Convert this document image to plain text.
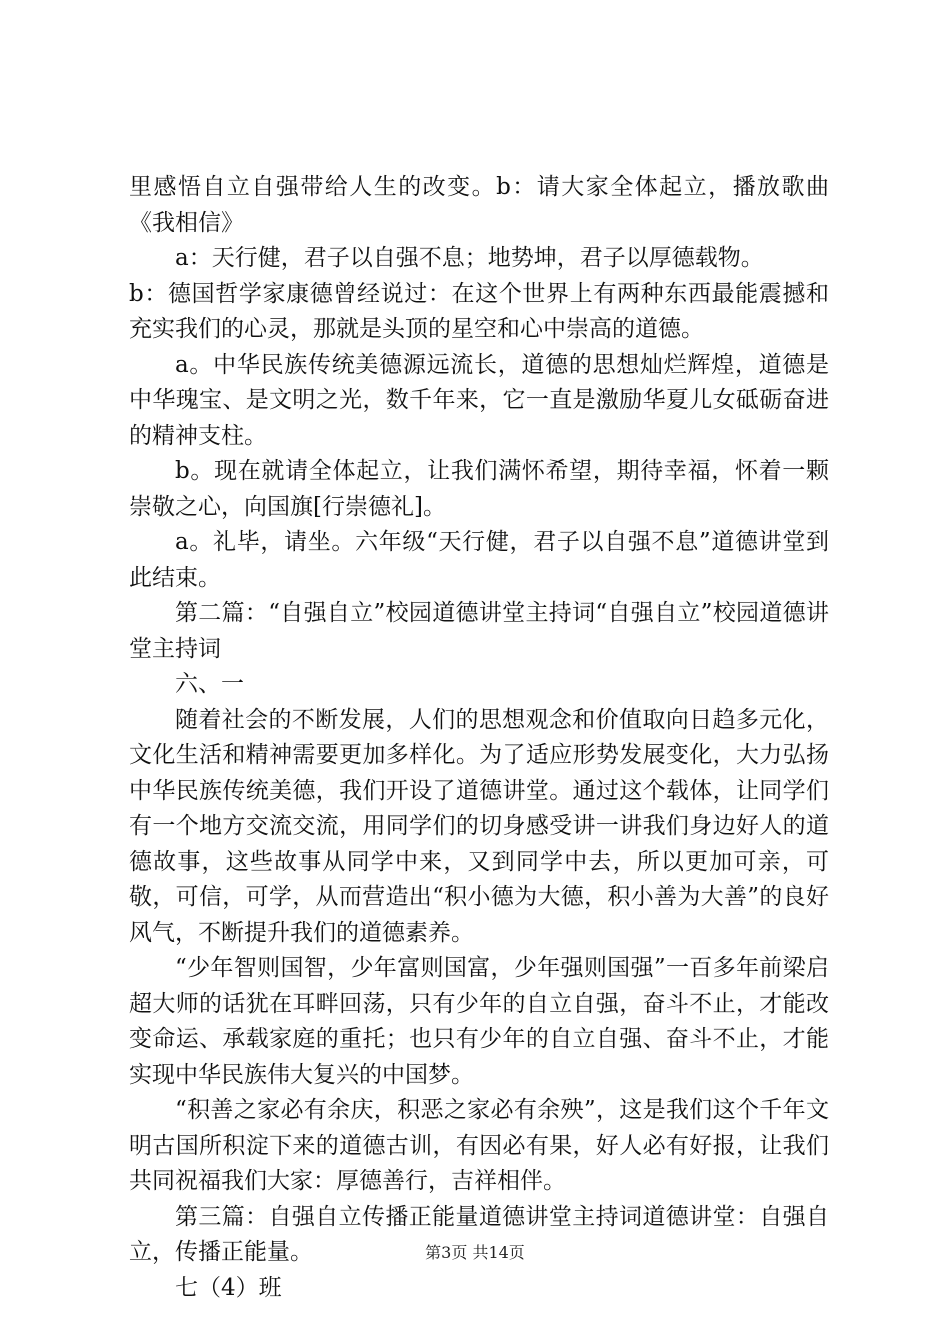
里感悟自立自强带给人生的改变。b：请大家全体起立，播放歌曲《我相信》

a：天行健，君子以自强不息；地势坤，君子以厚德载物。

b：德国哲学家康德曾经说过：在这个世界上有两种东西最能震撼和充实我们的心灵，那就是头顶的星空和心中崇高的道德。

a。中华民族传统美德源远流长，道德的思想灿烂辉煌，道德是中华瑰宝、是文明之光，数千年来，它一直是激励华夏儿女砥砺奋进的精神支柱。

b。现在就请全体起立，让我们满怀希望，期待幸福，怀着一颗崇敬之心，向国旗[行崇德礼]。

a。礼毕，请坐。六年级“天行健，君子以自强不息”道德讲堂到此结束。

第二篇：“自强自立”校园道德讲堂主持词“自强自立”校园道德讲堂主持词

六、一

随着社会的不断发展，人们的思想观念和价值取向日趋多元化，文化生活和精神需要更加多样化。为了适应形势发展变化，大力弘扬中华民族传统美德，我们开设了道德讲堂。通过这个载体，让同学们有一个地方交流交流，用同学们的切身感受讲一讲我们身边好人的道德故事，这些故事从同学中来，又到同学中去，所以更加可亲，可敬，可信，可学，从而营造出“积小德为大德，积小善为大善”的良好风气，不断提升我们的道德素养。

“少年智则国智，少年富则国富，少年强则国强”一百多年前梁启超大师的话犹在耳畔回荡，只有少年的自立自强，奋斗不止，才能改变命运、承载家庭的重托；也只有少年的自立自强、奋斗不止，才能实现中华民族伟大复兴的中国梦。

“积善之家必有余庆，积恶之家必有余殃”，这是我们这个千年文明古国所积淀下来的道德古训，有因必有果，好人必有好报，让我们共同祝福我们大家：厚德善行，吉祥相伴。

第三篇：自强自立传播正能量道德讲堂主持词道德讲堂：自强自立，传播正能量。

七（4）班

第3页 共14页
